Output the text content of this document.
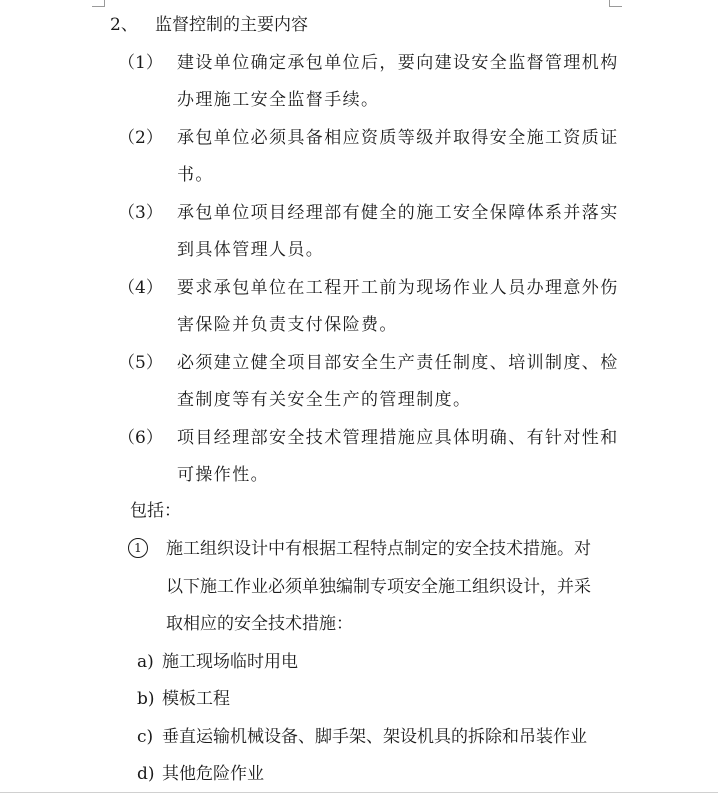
2、 监督控制的主要内容
（1） 建设单位确定承包单位后，要向建设安全监督管理机构
办理施工安全监督手续。
（2） 承包单位必须具备相应资质等级并取得安全施工资质证
书。
（3） 承包单位项目经理部有健全的施工安全保障体系并落实
到具体管理人员。
（4） 要求承包单位在工程开工前为现场作业人员办理意外伤
害保险并负责支付保险费。
（5） 必须建立健全项目部安全生产责任制度、培训制度、检
查制度等有关安全生产的管理制度。
（6） 项目经理部安全技术管理措施应具体明确、有针对性和
可操作性。
包括：
1	施工组织设计中有根据工程特点制定的安全技术措施。对
以下施工作业必须单独编制专项安全施工组织设计，并采
取相应的安全技术措施：
a) 施工现场临时用电
b) 模板工程
c) 垂直运输机械设备、脚手架、架设机具的拆除和吊装作业
d) 其他危险作业
